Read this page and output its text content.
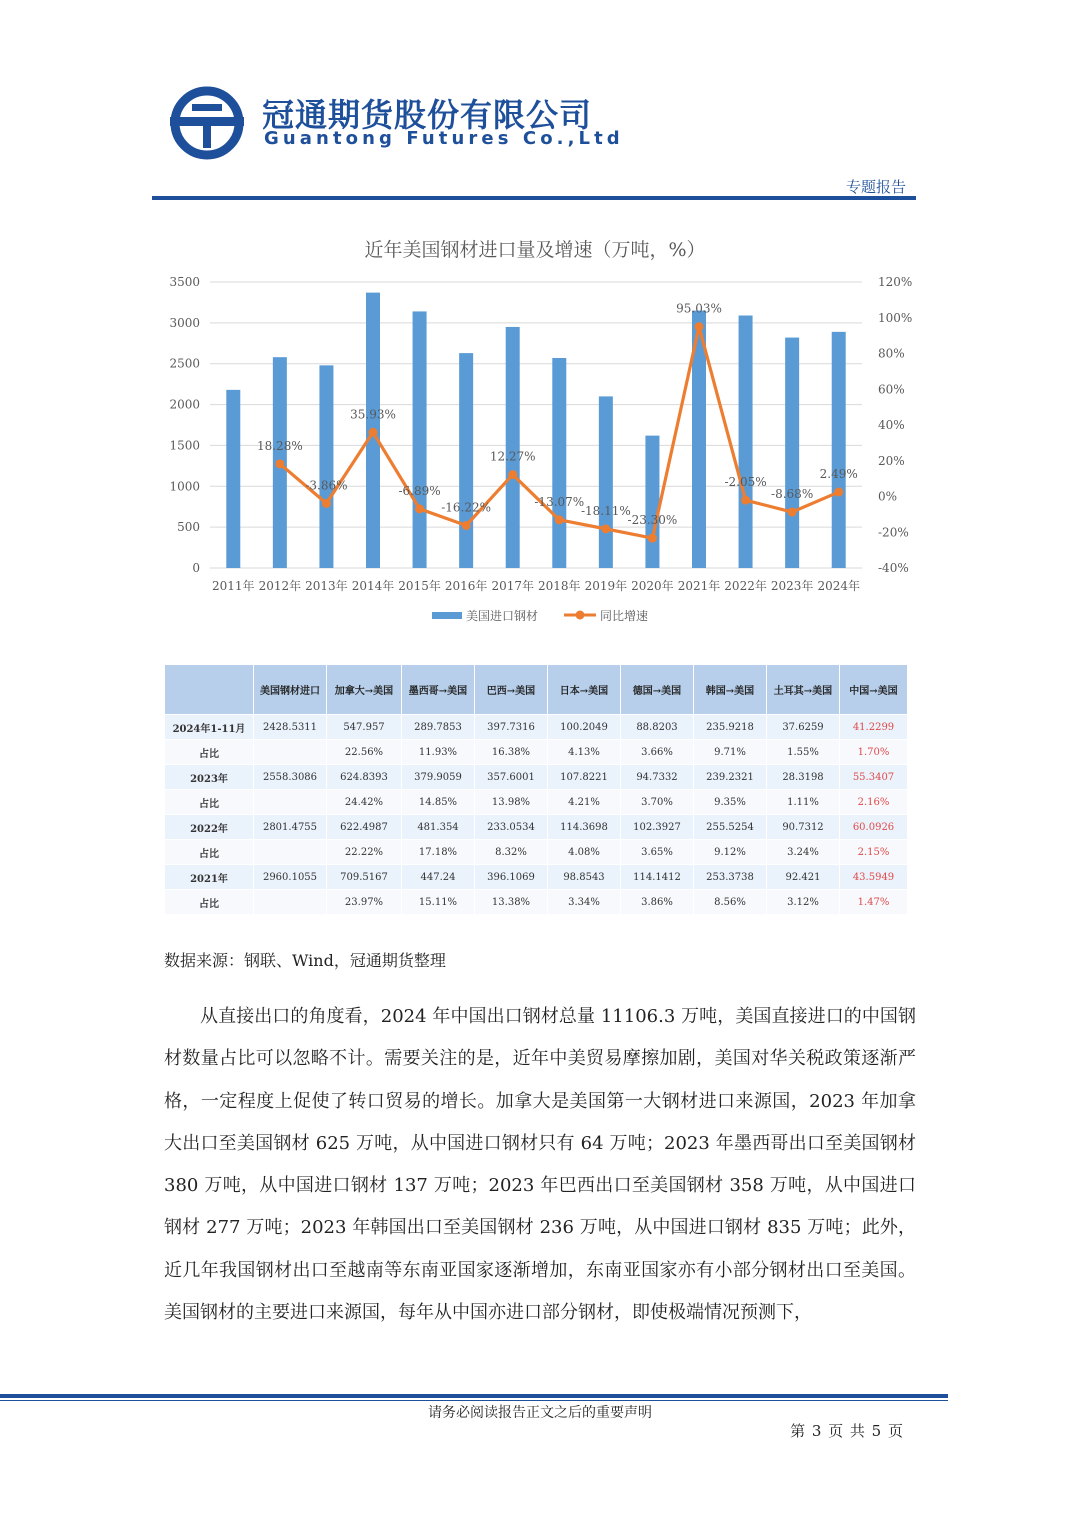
冠通期货股份有限公司
Guantong Futures Co.,Ltd
专题报告
近年美国钢材进口量及增速（万吨，%）
18.28%
-3.86%
35.93%
-6.89%
-16.22%
12.27%
-13.07%
-18.11%
-23.30%
95.03%
-2.05%
-8.68%
2.49%
0
500
1000
1500
2000
2500
3000
3500
-40%
-20%
0%
20%
40%
60%
80%
100%
120%
2011年 2012年 2013年 2014年 2015年 2016年 2017年 2018年 2019年 2020年 2021年 2022年 2023年 2024年
美国进口钢材	同比增速
	美国钢材进口	加拿大→美国	墨西哥→美国	巴西→美国	日本→美国	德国→美国	韩国→美国	土耳其→美国	中国→美国
2024年1-11月	2428.5311	547.957	289.7853	397.7316	100.2049	88.8203	235.9218	37.6259	41.2299
占比		22.56%	11.93%	16.38%	4.13%	3.66%	9.71%	1.55%	1.70%
2023年	2558.3086	624.8393	379.9059	357.6001	107.8221	94.7332	239.2321	28.3198	55.3407
占比		24.42%	14.85%	13.98%	4.21%	3.70%	9.35%	1.11%	2.16%
2022年	2801.4755	622.4987	481.354	233.0534	114.3698	102.3927	255.5254	90.7312	60.0926
占比		22.22%	17.18%	8.32%	4.08%	3.65%	9.12%	3.24%	2.15%
2021年	2960.1055	709.5167	447.24	396.1069	98.8543	114.1412	253.3738	92.421	43.5949
占比		23.97%	15.11%	13.38%	3.34%	3.86%	8.56%	3.12%	1.47%
数据来源：钢联、Wind，冠通期货整理

从直接出口的角度看，2024 年中国出口钢材总量 11106.3 万吨，美国直接进口的中国钢材数量占比可以忽略不计。需要关注的是，近年中美贸易摩擦加剧，美国对华关税政策逐渐严格，一定程度上促使了转口贸易的增长。加拿大是美国第一大钢材进口来源国，2023 年加拿大出口至美国钢材 625 万吨，从中国进口钢材只有 64 万吨；2023 年墨西哥出口至美国钢材 380 万吨，从中国进口钢材 137 万吨；2023 年巴西出口至美国钢材 358 万吨，从中国进口钢材 277 万吨；2023 年韩国出口至美国钢材 236 万吨，从中国进口钢材 835 万吨；此外，近几年我国钢材出口至越南等东南亚国家逐渐增加，东南亚国家亦有小部分钢材出口至美国。美国钢材的主要进口来源国，每年从中国亦进口部分钢材，即使极端情况预测下，

请务必阅读报告正文之后的重要声明
第 3 页 共 5 页
